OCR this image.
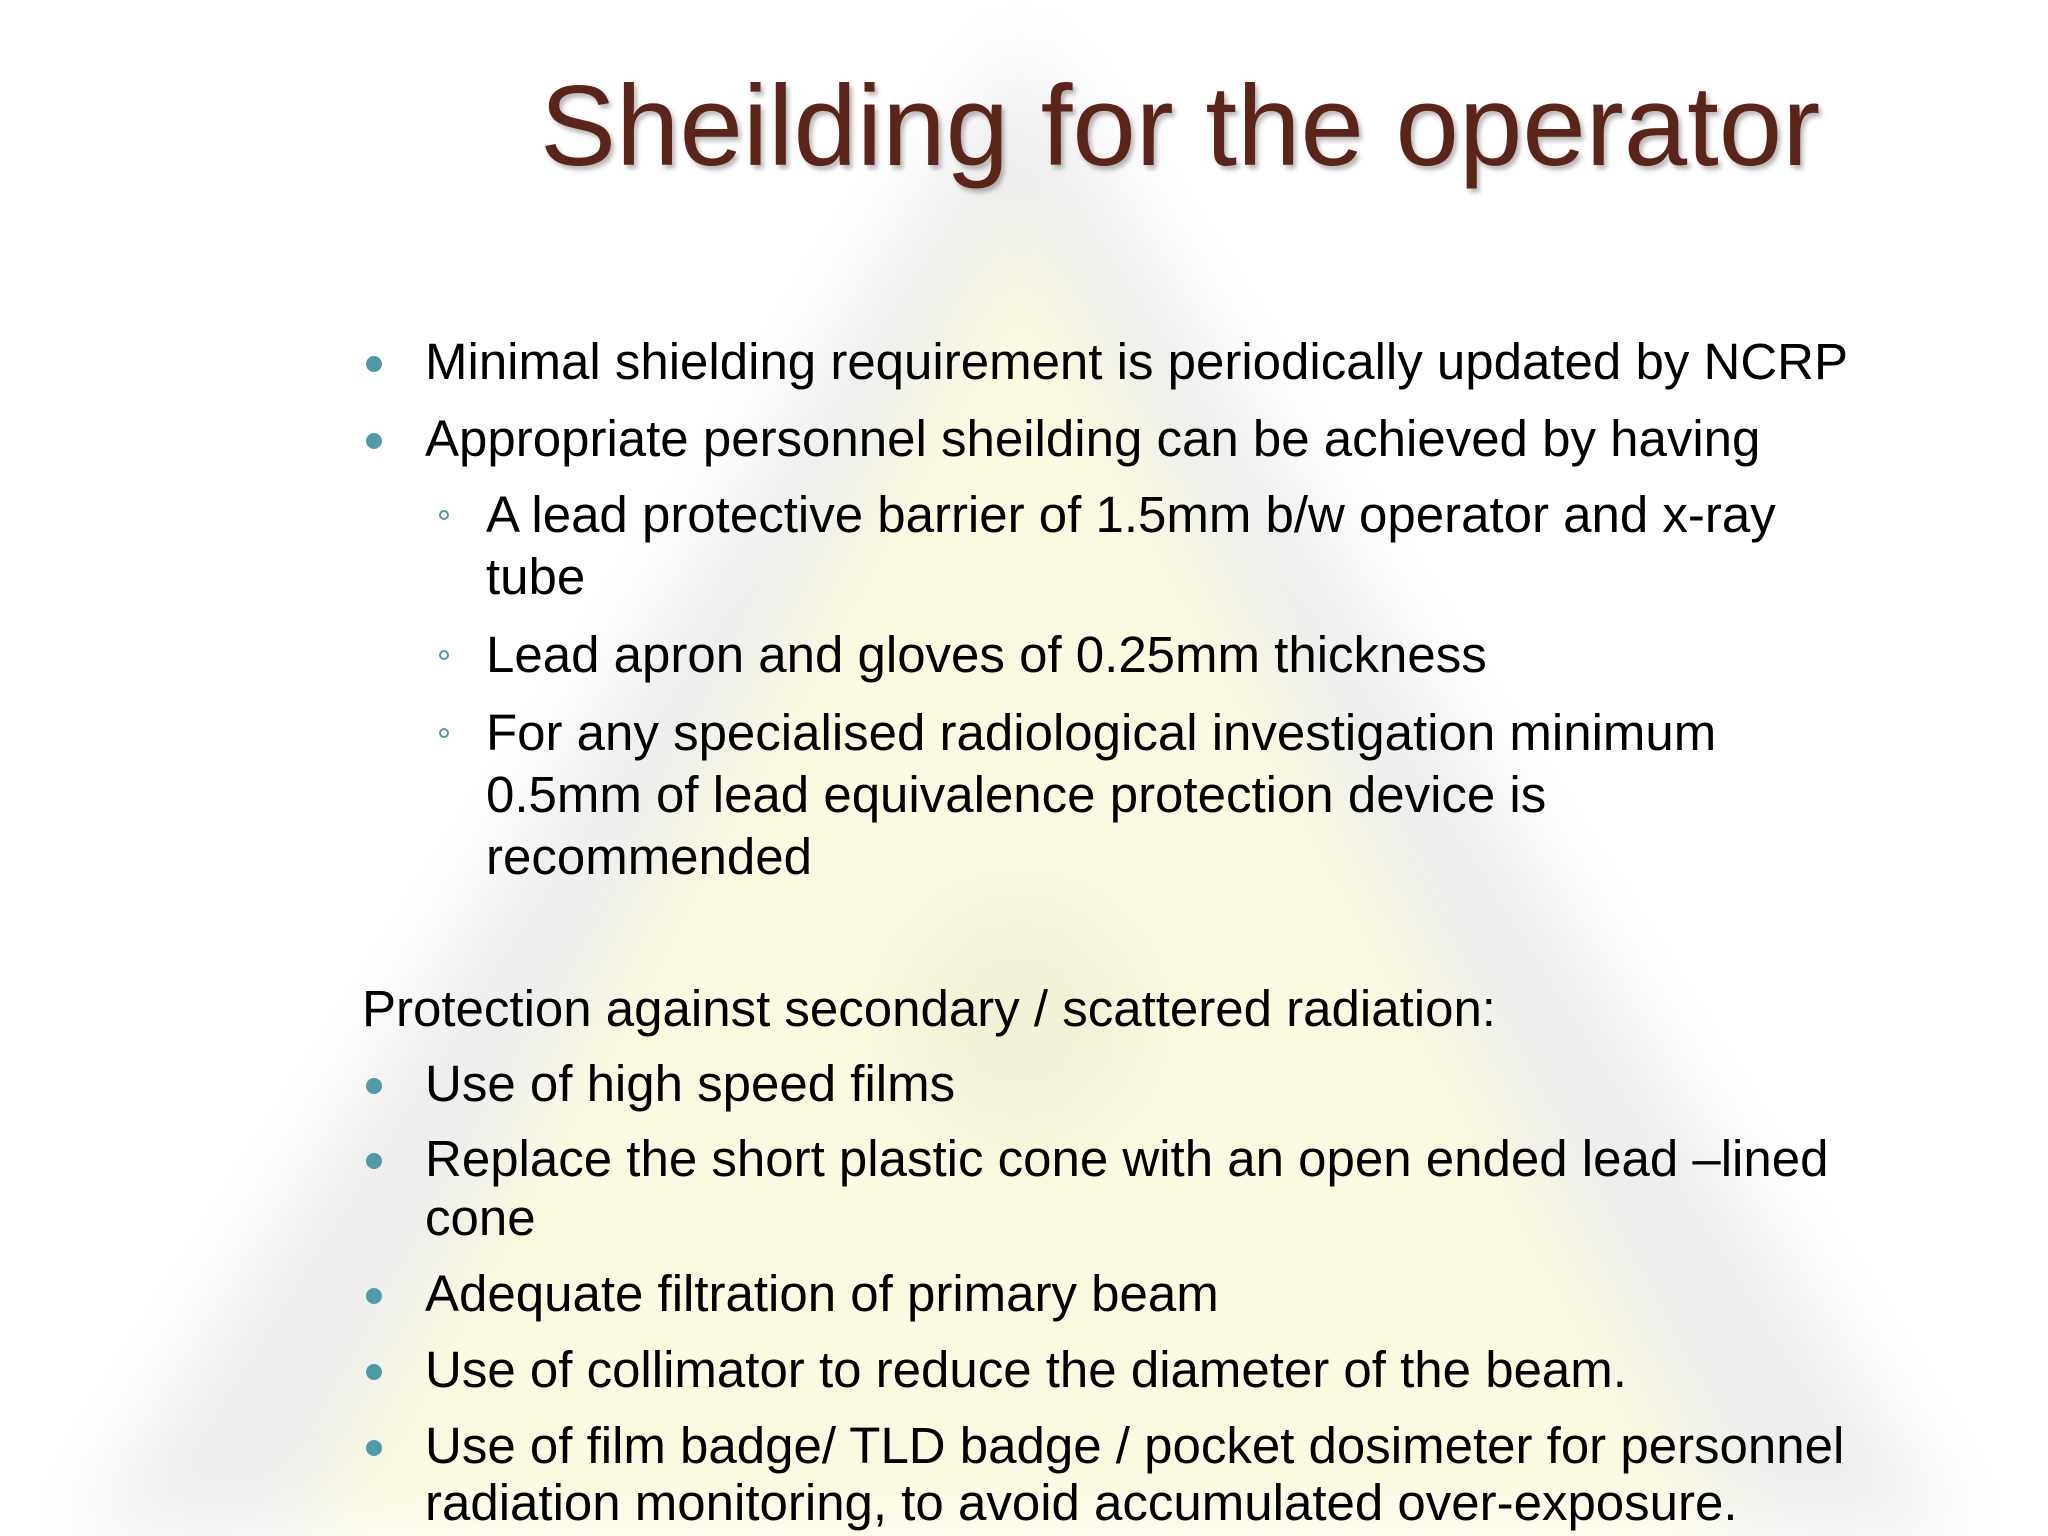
Sheilding for the operator
Minimal shielding requirement is periodically updated by NCRP
Appropriate personnel sheilding can be achieved by having
A lead protective barrier of 1.5mm b/w operator and x-ray
tube
Lead apron and gloves of 0.25mm thickness
For any specialised radiological investigation minimum
0.5mm of lead equivalence protection device is
recommended
Protection against secondary / scattered radiation:
Use of high speed films
Replace the short plastic cone with an open ended lead –lined
cone
Adequate filtration of primary beam
Use of collimator to reduce the diameter of the beam.
Use of film badge/ TLD badge / pocket dosimeter for personnel
radiation monitoring, to avoid accumulated over-exposure.
